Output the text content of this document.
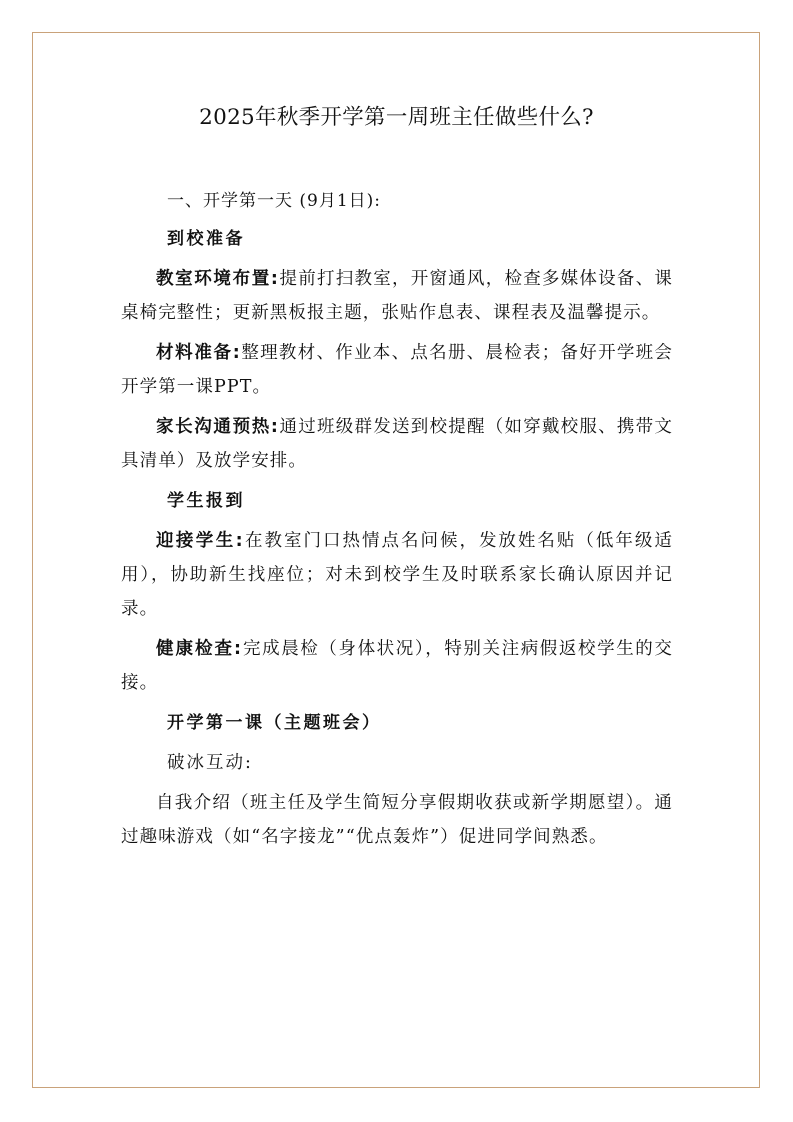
2025年秋季开学第一周班主任做些什么?
一、开学第一天 (9月1日):
到校准备

教室环境布置:提前打扫教室，开窗通风，检查多媒体设备、课桌椅完整性；更新黑板报主题，张贴作息表、课程表及温馨提示。

材料准备:整理教材、作业本、点名册、晨检表；备好开学班会开学第一课PPT。

家长沟通预热:通过班级群发送到校提醒（如穿戴校服、携带文具清单）及放学安排。

学生报到

迎接学生:在教室门口热情点名问候，发放姓名贴（低年级适用），协助新生找座位；对未到校学生及时联系家长确认原因并记录。

健康检查:完成晨检（身体状况），特别关注病假返校学生的交接。

开学第一课（主题班会）
破冰互动:

自我介绍（班主任及学生简短分享假期收获或新学期愿望）。通过趣味游戏（如“名字接龙”“优点轰炸”）促进同学间熟悉。
